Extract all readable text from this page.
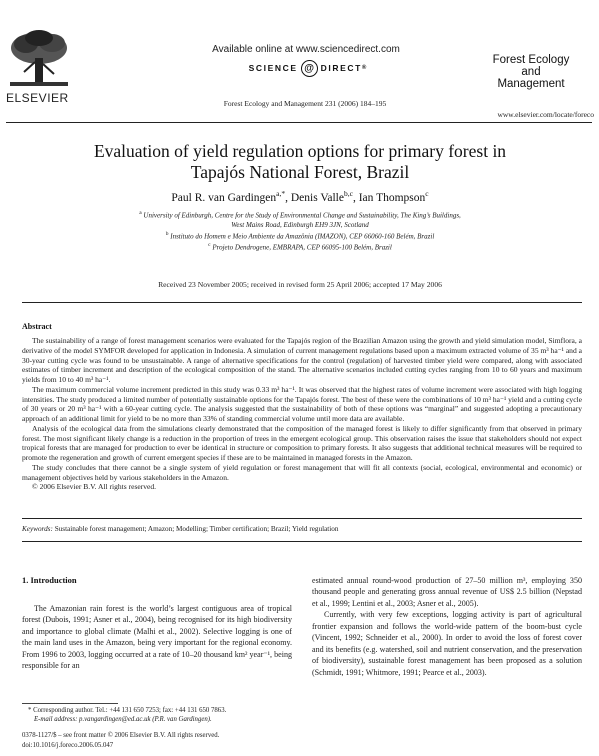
ELSEVIER
Available online at www.sciencedirect.com
SCIENCE @ DIRECT ®
Forest Ecology and Management 231 (2006) 184–195
Forest Ecology
and
Management
www.elsevier.com/locate/foreco
Evaluation of yield regulation options for primary forest in
Tapajós National Forest, Brazil
Paul R. van Gardingen$^{a,*}$, Denis Valle$^{b,c}$, Ian Thompson$^c$
$^a$ University of Edinburgh, Centre for the Study of Environmental Change and Sustainability, The King’s Buildings,
West Mains Road, Edinburgh EH9 3JN, Scotland
$^b$ Instituto do Homem e Meio Ambiente da Amazônia (IMAZON), CEP 66060-160 Belém, Brazil
$^c$ Projeto Dendrogene, EMBRAPA, CEP 66095-100 Belém, Brazil
Received 23 November 2005; received in revised form 25 April 2006; accepted 17 May 2006
Abstract

The sustainability of a range of forest management scenarios were evaluated for the Tapajós region of the Brazilian Amazon using the growth and yield simulation model, Simflora, a derivative of the model SYMFOR developed for application in Indonesia. A simulation of current management regulations based upon a maximum extracted volume of 35 m³ ha⁻¹ and a 30-year cutting cycle was found to be unsustainable. A range of alternative specifications for the control (regulation) of harvested timber yield were compared, along with associated estimates of timber increment and description of the ecological composition of the stand. The alternative scenarios included cutting cycles ranging from 10 to 60 years and maximum yields from 10 to 40 m³ ha⁻¹.

The maximum commercial volume increment predicted in this study was 0.33 m³ ha⁻¹. It was observed that the highest rates of volume increment were associated with high logging intensities. The study produced a limited number of potentially sustainable options for the Tapajós forest. The best of these were the combinations of 10 m³ ha⁻¹ yield and a cutting cycle of 30 years or 20 m³ ha⁻¹ with a 60-year cutting cycle. The analysis suggested that the sustainability of both of these options was “marginal” and suggested adopting a precautionary approach of an additional limit for yield to be no more than 33% of standing commercial volume until more data are available.

Analysis of the ecological data from the simulations clearly demonstrated that the composition of the managed forest is likely to differ significantly from that observed in primary forest. The most significant likely change is a reduction in the proportion of trees in the emergent ecological group. This observation raises the issue that stakeholders should not expect tropical forests that are managed for production to ever be identical in structure or composition to primary forests. It also suggests that additional technical measures will be required to promote the regeneration and growth of current emergent species if these are to be maintained in managed forests in the Amazon.

The study concludes that there cannot be a single system of yield regulation or forest management that will fit all contexts (social, ecological, environmental and economic) or management objectives held by various stakeholders in the Amazon.

© 2006 Elsevier B.V. All rights reserved.

Keywords: Sustainable forest management; Amazon; Modelling; Timber certification; Brazil; Yield regulation
1. Introduction

The Amazonian rain forest is the world’s largest contiguous area of tropical forest (Dubois, 1991; Asner et al., 2004), being recognised for its high biodiversity and importance to global climate (Malhi et al., 2002). Selective logging is one of the main land uses in the Amazon, being very important for the regional economy. From 1996 to 2003, logging occurred at a rate of 10–20 thousand km² year⁻¹, being responsible for an

estimated annual round-wood production of 27–50 million m³, employing 350 thousand people and generating gross annual revenue of US$ 2.5 billion (Nepstad et al., 1999; Lentini et al., 2003; Asner et al., 2005).

Currently, with very few exceptions, logging activity is part of agricultural frontier expansion and follows the world-wide pattern of the boom-bust cycle (Vincent, 1992; Schneider et al., 2000). In order to avoid the loss of forest cover and its benefits (e.g. watershed, soil and nutrient conservation, and the preservation of biodiversity), sustainable forest management has been proposed as a solution (Schmidt, 1991; Whitmore, 1991; Pearce et al., 2003).

* Corresponding author. Tel.: +44 131 650 7253; fax: +44 131 650 7863.
E-mail address: p.vangardingen@ed.ac.uk (P.R. van Gardingen).
0378-1127/$ – see front matter © 2006 Elsevier B.V. All rights reserved.
doi:10.1016/j.foreco.2006.05.047
